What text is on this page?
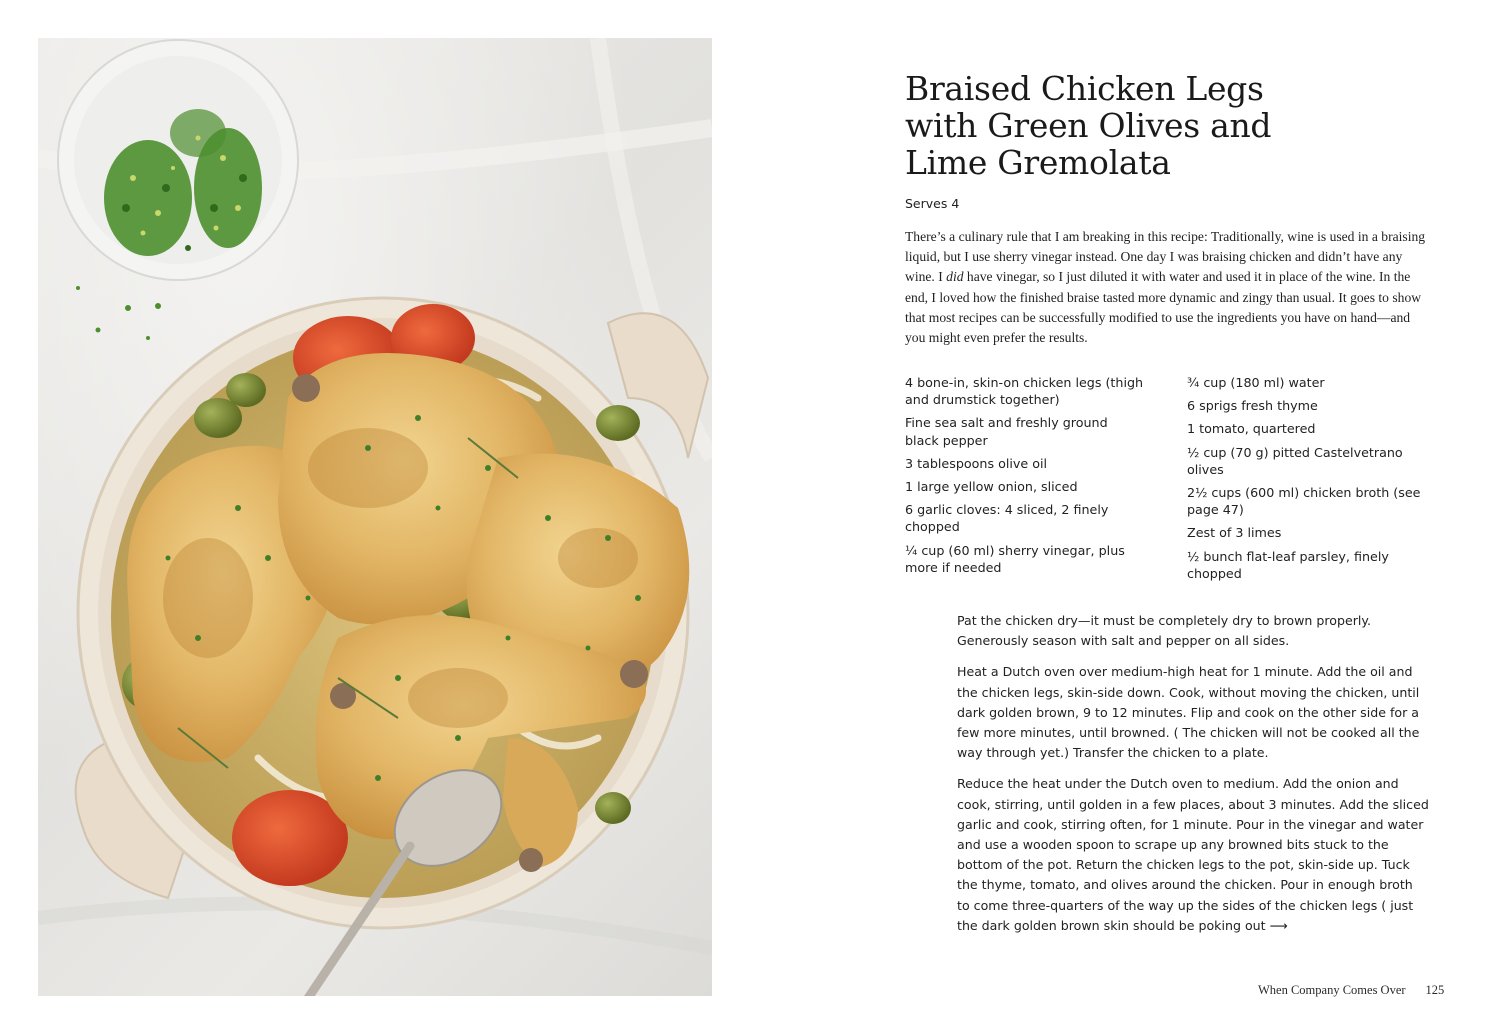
Braised Chicken Legs
with Green Olives and
Lime Gremolata
Serves 4

There’s a culinary rule that I am breaking in this recipe: Traditionally, wine is used in a braising liquid, but I use sherry vinegar instead. One day I was braising chicken and didn’t have any wine. I did have vinegar, so I just diluted it with water and used it in place of the wine. In the end, I loved how the finished braise tasted more dynamic and zingy than usual. It goes to show that most recipes can be successfully modified to use the ingredients you have on hand—and you might even prefer the results.

4 bone-in, skin-on chicken legs (thigh and drumstick together)
Fine sea salt and freshly ground black pepper
3 tablespoons olive oil
1 large yellow onion, sliced
6 garlic cloves: 4 sliced, 2 finely chopped
¼ cup (60 ml) sherry vinegar, plus more if needed
¾ cup (180 ml) water
6 sprigs fresh thyme
1 tomato, quartered
½ cup (70 g) pitted Castelvetrano olives
2½ cups (600 ml) chicken broth (see page 47)
Zest of 3 limes
½ bunch flat-leaf parsley, finely chopped

Pat the chicken dry—it must be completely dry to brown properly. Generously season with salt and pepper on all sides.

Heat a Dutch oven over medium-high heat for 1 minute. Add the oil and the chicken legs, skin-side down. Cook, without moving the chicken, until dark golden brown, 9 to 12 minutes. Flip and cook on the other side for a few more minutes, until browned. ( The chicken will not be cooked all the way through yet.) Transfer the chicken to a plate.

Reduce the heat under the Dutch oven to medium. Add the onion and cook, stirring, until golden in a few places, about 3 minutes. Add the sliced garlic and cook, stirring often, for 1 minute. Pour in the vinegar and water and use a wooden spoon to scrape up any browned bits stuck to the bottom of the pot. Return the chicken legs to the pot, skin-side up. Tuck the thyme, tomato, and olives around the chicken. Pour in enough broth to come three-quarters of the way up the sides of the chicken legs ( just the dark golden brown skin should be poking out ⟶

When Company Comes Over 125
